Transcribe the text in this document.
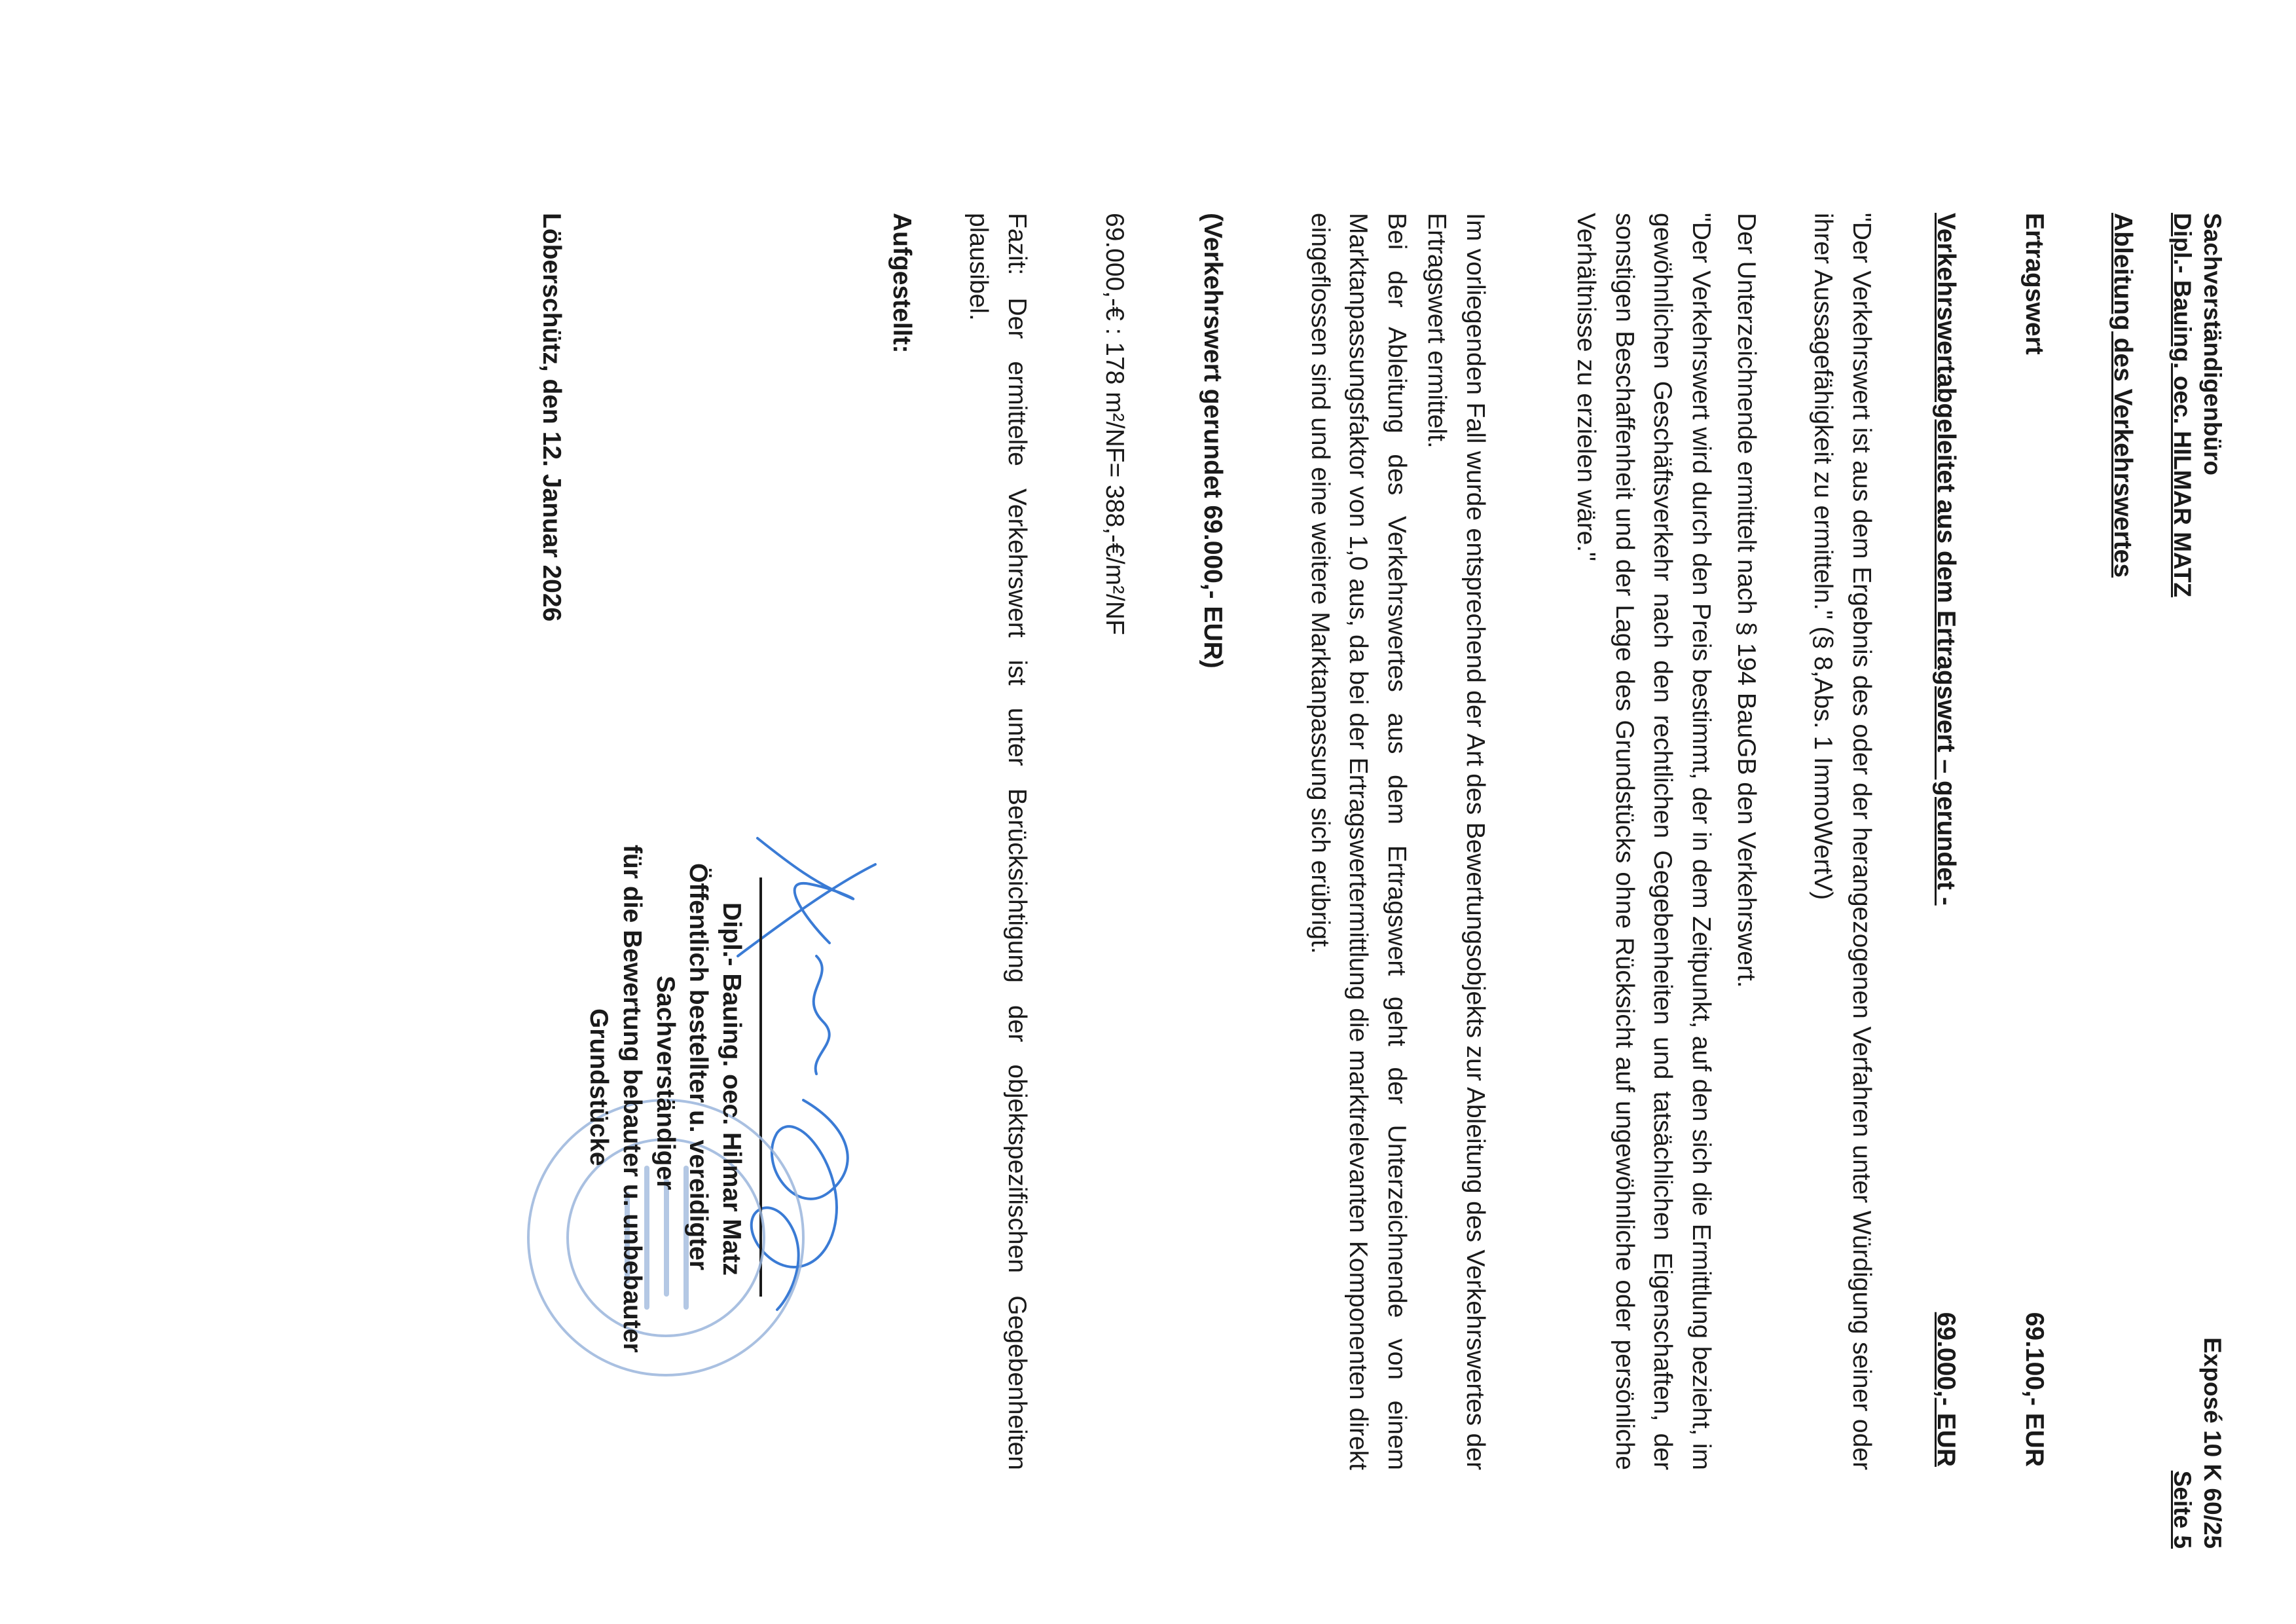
Sachverständigenbüro
Dipl.- Bauing. oec. HILMAR MATZ
Exposé 10 K 60/25
Seite 5
Ableitung des Verkehrswertes
Ertragswert
69.100,- EUR
Verkehrswertabgeleitet aus dem Ertragswert – gerundet -
69.000,- EUR
"Der Verkehrswert ist aus dem Ergebnis des oder der herangezogenen Verfahren unter Würdigung seiner oder ihrer Aussagefähigkeit zu ermitteln." (§ 8,Abs. 1 ImmoWertV)
Der Unterzeichnende ermittelt nach § 194 BauGB den Verkehrswert.
"Der Verkehrswert wird durch den Preis bestimmt, der in dem Zeitpunkt, auf den sich die Ermittlung bezieht, im gewöhnlichen Geschäftsverkehr nach den rechtlichen Gegebenheiten und tatsächlichen Eigenschaften, der sonstigen Beschaffenheit und der Lage des Grundstücks ohne Rücksicht auf ungewöhnliche oder persönliche Verhältnisse zu erzielen wäre."
Im vorliegenden Fall wurde entsprechend der Art des Bewertungsobjekts zur Ableitung des Verkehrswertes der Ertragswert ermittelt.
Bei der Ableitung des Verkehrswertes aus dem Ertragswert geht der Unterzeichnende von einem Marktanpassungsfaktor von 1,0 aus, da bei der Ertragswertermittlung die marktrelevanten Komponenten direkt eingeflossen sind und eine weitere Marktanpassung sich erübrigt.
(Verkehrswert gerundet 69.000,- EUR)
69.000,-€ : 178 m²/NF= 388,-€/m²/NF
Fazit: Der ermittelte Verkehrswert ist unter Berücksichtigung der objektspezifischen Gegebenheiten plausibel.
Aufgestellt:
Dipl.- Bauing. oec. Hilmar Matz
Öffentlich bestellter u. vereidigter
Sachverständiger
für die Bewertung bebauter u. unbebauter
Grundstücke
Löberschütz, den 12. Januar 2026
